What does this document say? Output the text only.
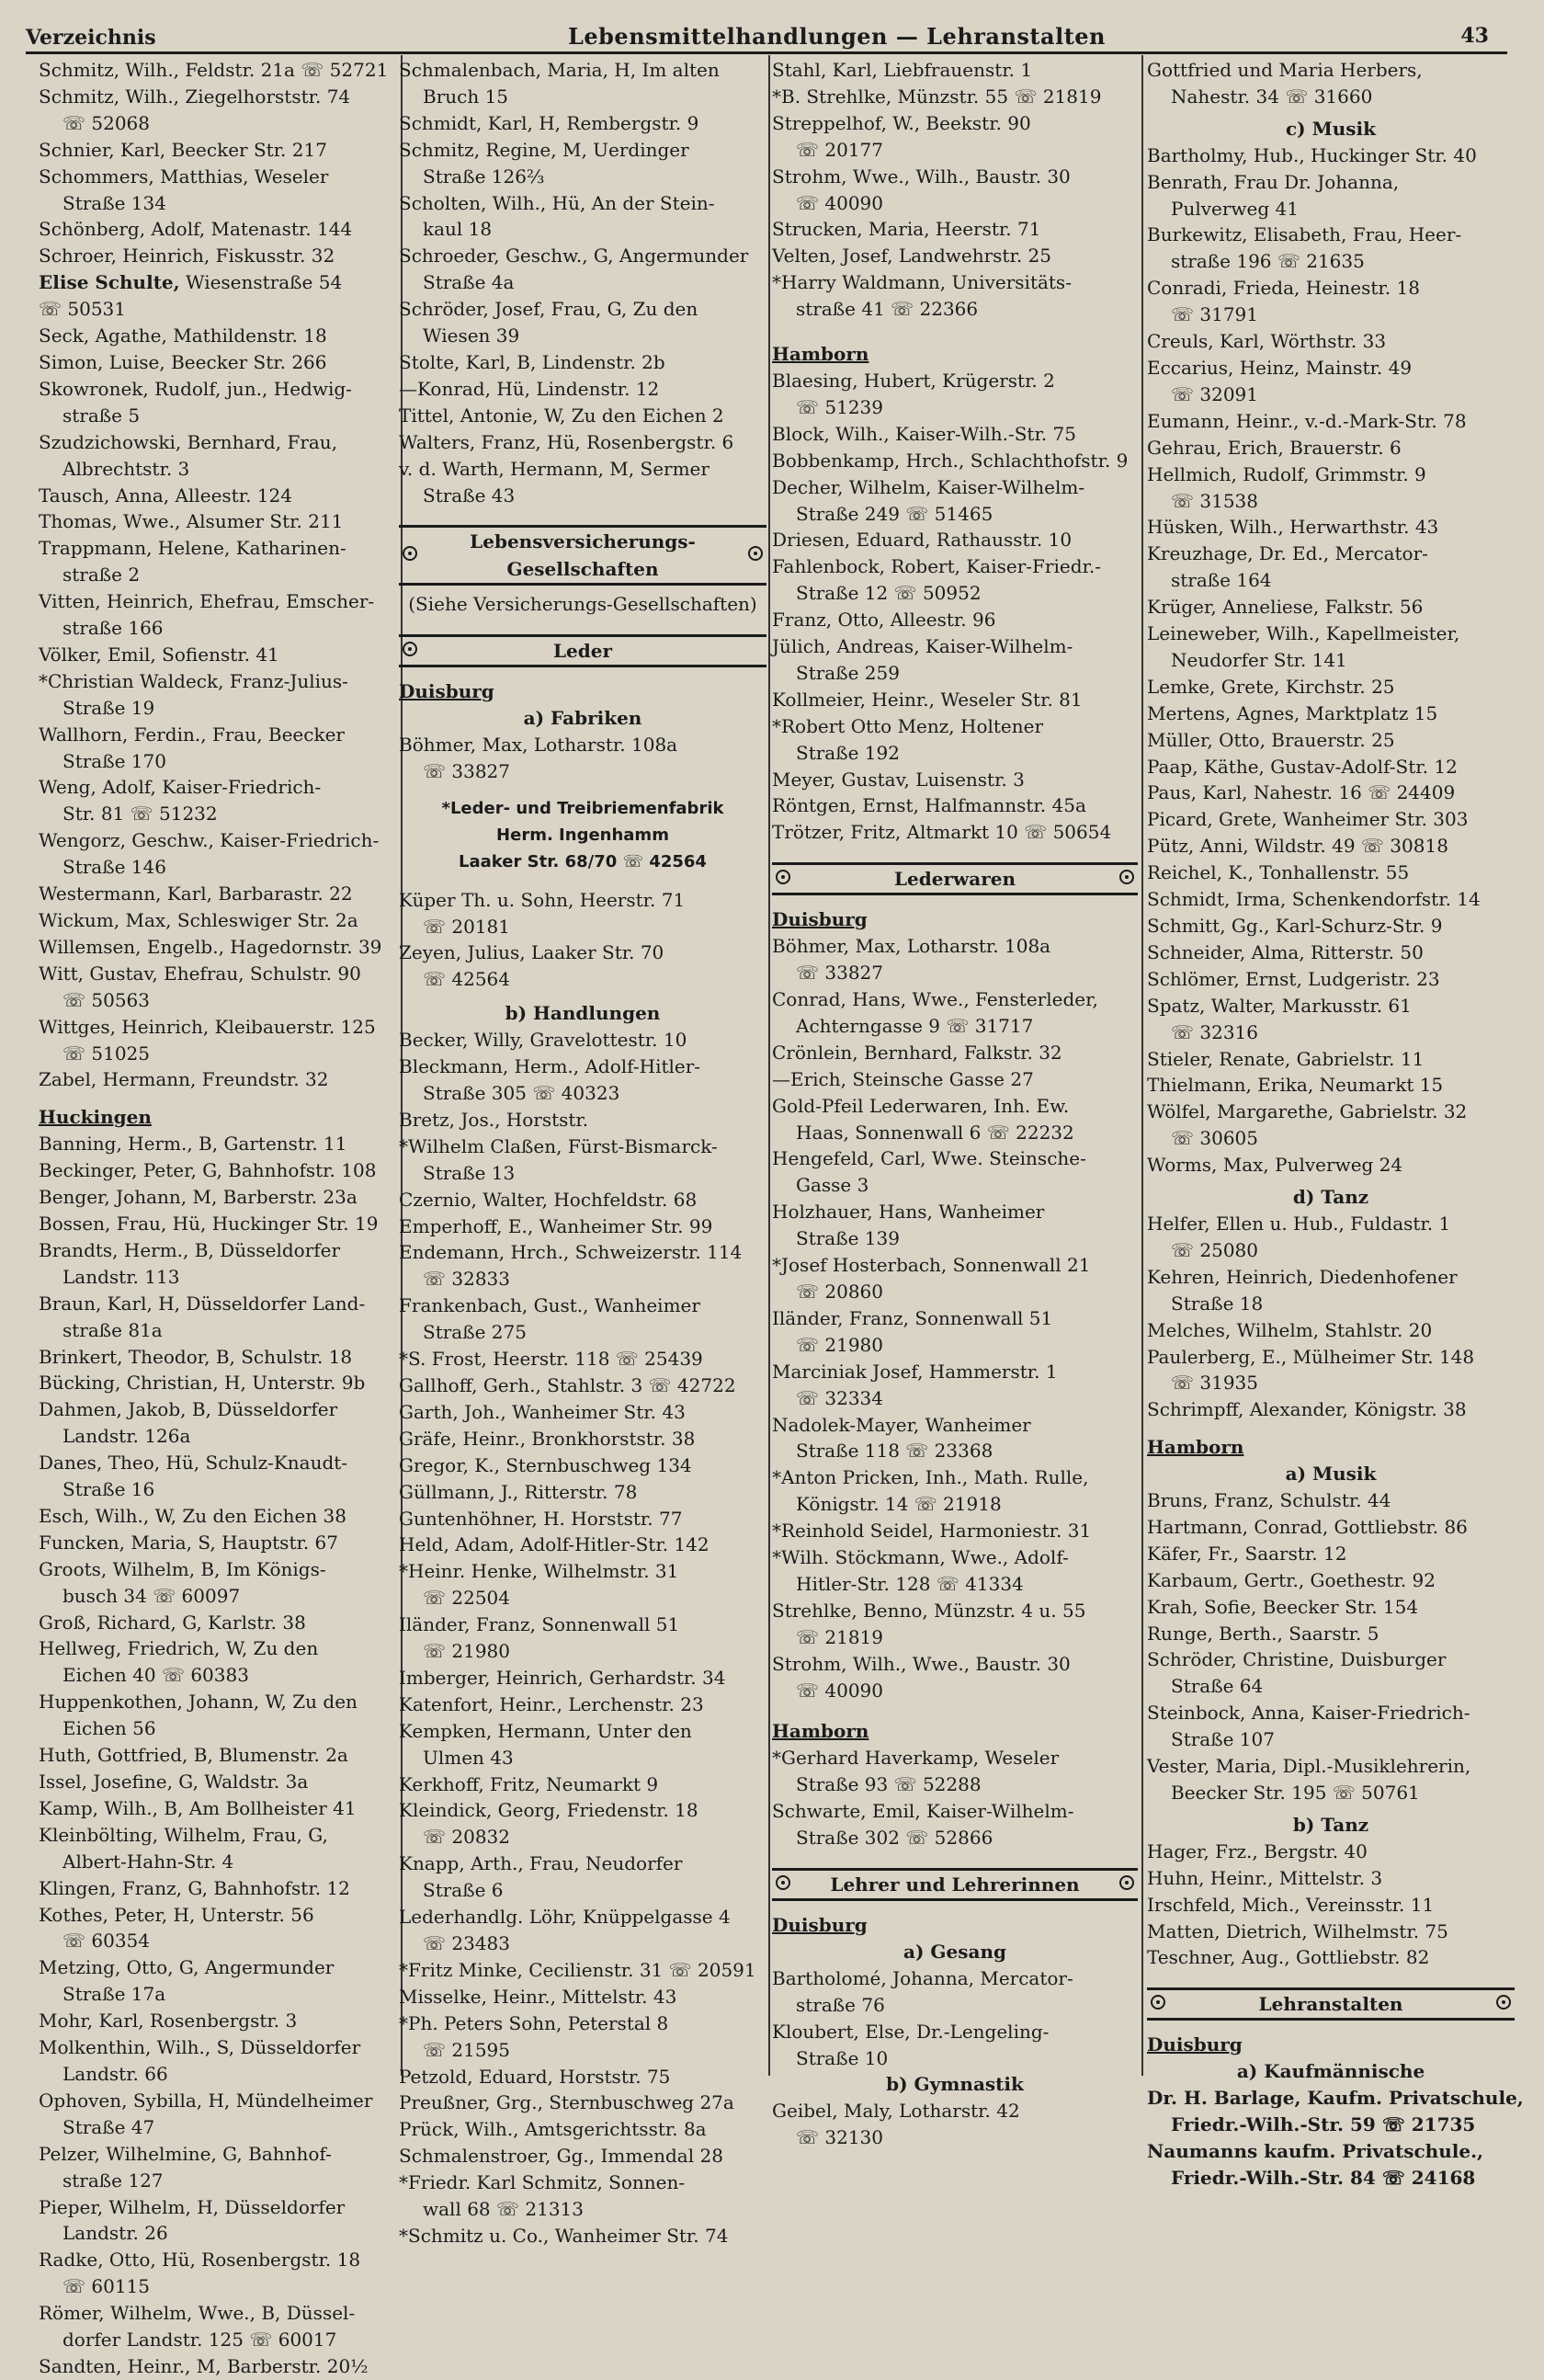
Verzeichnis	Lebensmittelhandlungen — Lehranstalten	43
Schmitz, Wilh., Feldstr. 21a ☏ 52721
Schmitz, Wilh., Ziegelhorststr. 74
☏ 52068
Schnier, Karl, Beecker Str. 217
Schommers, Matthias, Weseler
Straße 134
Schönberg, Adolf, Matenastr. 144
Schroer, Heinrich, Fiskusstr. 32
Elise Schulte, Wiesenstraße 54
☏ 50531
Seck, Agathe, Mathildenstr. 18
Simon, Luise, Beecker Str. 266
Skowronek, Rudolf, jun., Hedwig-
straße 5
Szudzichowski, Bernhard, Frau,
Albrechtstr. 3
Tausch, Anna, Alleestr. 124
Thomas, Wwe., Alsumer Str. 211
Trappmann, Helene, Katharinen-
straße 2
Vitten, Heinrich, Ehefrau, Emscher-
straße 166
Völker, Emil, Sofienstr. 41
*Christian Waldeck, Franz-Julius-
Straße 19
Wallhorn, Ferdin., Frau, Beecker
Straße 170
Weng, Adolf, Kaiser-Friedrich-
Str. 81 ☏ 51232
Wengorz, Geschw., Kaiser-Friedrich-
Straße 146
Westermann, Karl, Barbarastr. 22
Wickum, Max, Schleswiger Str. 2a
Willemsen, Engelb., Hagedornstr. 39
Witt, Gustav, Ehefrau, Schulstr. 90
☏ 50563
Wittges, Heinrich, Kleibauerstr. 125
☏ 51025
Zabel, Hermann, Freundstr. 32
Huckingen
Banning, Herm., B, Gartenstr. 11
Beckinger, Peter, G, Bahnhofstr. 108
Benger, Johann, M, Barberstr. 23a
Bossen, Frau, Hü, Huckinger Str. 19
Brandts, Herm., B, Düsseldorfer
Landstr. 113
Braun, Karl, H, Düsseldorfer Land-
straße 81a
Brinkert, Theodor, B, Schulstr. 18
Bücking, Christian, H, Unterstr. 9b
Dahmen, Jakob, B, Düsseldorfer
Landstr. 126a
Danes, Theo, Hü, Schulz-Knaudt-
Straße 16
Esch, Wilh., W, Zu den Eichen 38
Funcken, Maria, S, Hauptstr. 67
Groots, Wilhelm, B, Im Königs-
busch 34 ☏ 60097
Groß, Richard, G, Karlstr. 38
Hellweg, Friedrich, W, Zu den
Eichen 40 ☏ 60383
Huppenkothen, Johann, W, Zu den
Eichen 56
Huth, Gottfried, B, Blumenstr. 2a
Issel, Josefine, G, Waldstr. 3a
Kamp, Wilh., B, Am Bollheister 41
Kleinbölting, Wilhelm, Frau, G,
Albert-Hahn-Str. 4
Klingen, Franz, G, Bahnhofstr. 12
Kothes, Peter, H, Unterstr. 56
☏ 60354
Metzing, Otto, G, Angermunder
Straße 17a
Mohr, Karl, Rosenbergstr. 3
Molkenthin, Wilh., S, Düsseldorfer
Landstr. 66
Ophoven, Sybilla, H, Mündelheimer
Straße 47
Pelzer, Wilhelmine, G, Bahnhof-
straße 127
Pieper, Wilhelm, H, Düsseldorfer
Landstr. 26
Radke, Otto, Hü, Rosenbergstr. 18
☏ 60115
Römer, Wilhelm, Wwe., B, Düssel-
dorfer Landstr. 125 ☏ 60017
Sandten, Heinr., M, Barberstr. 20½
Schmalenbach, Maria, H, Im alten
Bruch 15
Schmidt, Karl, H, Rembergstr. 9
Schmitz, Regine, M, Uerdinger
Straße 126⅔
Scholten, Wilh., Hü, An der Stein-
kaul 18
Schroeder, Geschw., G, Angermunder
Straße 4a
Schröder, Josef, Frau, G, Zu den
Wiesen 39
Stolte, Karl, B, Lindenstr. 2b
—Konrad, Hü, Lindenstr. 12
Tittel, Antonie, W, Zu den Eichen 2
Walters, Franz, Hü, Rosenbergstr. 6
v. d. Warth, Hermann, M, Sermer
Straße 43
Lebensversicherungs-
Gesellschaften
(Siehe Versicherungs-Gesellschaften)
Leder
Duisburg
a) Fabriken
Böhmer, Max, Lotharstr. 108a
☏ 33827
*Leder- und Treibriemenfabrik
Herm. Ingenhamm
Laaker Str. 68/70 ☏ 42564
Küper Th. u. Sohn, Heerstr. 71
☏ 20181
Zeyen, Julius, Laaker Str. 70
☏ 42564
b) Handlungen
Becker, Willy, Gravelottestr. 10
Bleckmann, Herm., Adolf-Hitler-
Straße 305 ☏ 40323
Bretz, Jos., Horststr.
*Wilhelm Claßen, Fürst-Bismarck-
Straße 13
Czernio, Walter, Hochfeldstr. 68
Emperhoff, E., Wanheimer Str. 99
Endemann, Hrch., Schweizerstr. 114
☏ 32833
Frankenbach, Gust., Wanheimer
Straße 275
*S. Frost, Heerstr. 118 ☏ 25439
Gallhoff, Gerh., Stahlstr. 3 ☏ 42722
Garth, Joh., Wanheimer Str. 43
Gräfe, Heinr., Bronkhorststr. 38
Gregor, K., Sternbuschweg 134
Güllmann, J., Ritterstr. 78
Guntenhöhner, H. Horststr. 77
Held, Adam, Adolf-Hitler-Str. 142
*Heinr. Henke, Wilhelmstr. 31
☏ 22504
Iländer, Franz, Sonnenwall 51
☏ 21980
Imberger, Heinrich, Gerhardstr. 34
Katenfort, Heinr., Lerchenstr. 23
Kempken, Hermann, Unter den
Ulmen 43
Kerkhoff, Fritz, Neumarkt 9
Kleindick, Georg, Friedenstr. 18
☏ 20832
Knapp, Arth., Frau, Neudorfer
Straße 6
Lederhandlg. Löhr, Knüppelgasse 4
☏ 23483
*Fritz Minke, Cecilienstr. 31 ☏ 20591
Misselke, Heinr., Mittelstr. 43
*Ph. Peters Sohn, Peterstal 8
☏ 21595
Petzold, Eduard, Horststr. 75
Preußner, Grg., Sternbuschweg 27a
Prück, Wilh., Amtsgerichtsstr. 8a
Schmalenstroer, Gg., Immendal 28
*Friedr. Karl Schmitz, Sonnen-
wall 68 ☏ 21313
*Schmitz u. Co., Wanheimer Str. 74
Stahl, Karl, Liebfrauenstr. 1
*B. Strehlke, Münzstr. 55 ☏ 21819
Streppelhof, W., Beekstr. 90
☏ 20177
Strohm, Wwe., Wilh., Baustr. 30
☏ 40090
Strucken, Maria, Heerstr. 71
Velten, Josef, Landwehrstr. 25
*Harry Waldmann, Universitäts-
straße 41 ☏ 22366
Hamborn
Blaesing, Hubert, Krügerstr. 2
☏ 51239
Block, Wilh., Kaiser-Wilh.-Str. 75
Bobbenkamp, Hrch., Schlachthofstr. 9
Decher, Wilhelm, Kaiser-Wilhelm-
Straße 249 ☏ 51465
Driesen, Eduard, Rathausstr. 10
Fahlenbock, Robert, Kaiser-Friedr.-
Straße 12 ☏ 50952
Franz, Otto, Alleestr. 96
Jülich, Andreas, Kaiser-Wilhelm-
Straße 259
Kollmeier, Heinr., Weseler Str. 81
*Robert Otto Menz, Holtener
Straße 192
Meyer, Gustav, Luisenstr. 3
Röntgen, Ernst, Halfmannstr. 45a
Trötzer, Fritz, Altmarkt 10 ☏ 50654
Lederwaren
Duisburg
Böhmer, Max, Lotharstr. 108a
☏ 33827
Conrad, Hans, Wwe., Fensterleder,
Achterngasse 9 ☏ 31717
Crönlein, Bernhard, Falkstr. 32
—Erich, Steinsche Gasse 27
Gold-Pfeil Lederwaren, Inh. Ew.
Haas, Sonnenwall 6 ☏ 22232
Hengefeld, Carl, Wwe. Steinsche-
Gasse 3
Holzhauer, Hans, Wanheimer
Straße 139
*Josef Hosterbach, Sonnenwall 21
☏ 20860
Iländer, Franz, Sonnenwall 51
☏ 21980
Marciniak Josef, Hammerstr. 1
☏ 32334
Nadolek-Mayer, Wanheimer
Straße 118 ☏ 23368
*Anton Pricken, Inh., Math. Rulle,
Königstr. 14 ☏ 21918
*Reinhold Seidel, Harmoniestr. 31
*Wilh. Stöckmann, Wwe., Adolf-
Hitler-Str. 128 ☏ 41334
Strehlke, Benno, Münzstr. 4 u. 55
☏ 21819
Strohm, Wilh., Wwe., Baustr. 30
☏ 40090
Hamborn
*Gerhard Haverkamp, Weseler
Straße 93 ☏ 52288
Schwarte, Emil, Kaiser-Wilhelm-
Straße 302 ☏ 52866
Lehrer und Lehrerinnen
Duisburg
a) Gesang
Bartholomé, Johanna, Mercator-
straße 76
Kloubert, Else, Dr.-Lengeling-
Straße 10
b) Gymnastik
Geibel, Maly, Lotharstr. 42
☏ 32130
Gottfried und Maria Herbers,
Nahestr. 34 ☏ 31660
c) Musik
Bartholmy, Hub., Huckinger Str. 40
Benrath, Frau Dr. Johanna,
Pulverweg 41
Burkewitz, Elisabeth, Frau, Heer-
straße 196 ☏ 21635
Conradi, Frieda, Heinestr. 18
☏ 31791
Creuls, Karl, Wörthstr. 33
Eccarius, Heinz, Mainstr. 49
☏ 32091
Eumann, Heinr., v.-d.-Mark-Str. 78
Gehrau, Erich, Brauerstr. 6
Hellmich, Rudolf, Grimmstr. 9
☏ 31538
Hüsken, Wilh., Herwarthstr. 43
Kreuzhage, Dr. Ed., Mercator-
straße 164
Krüger, Anneliese, Falkstr. 56
Leineweber, Wilh., Kapellmeister,
Neudorfer Str. 141
Lemke, Grete, Kirchstr. 25
Mertens, Agnes, Marktplatz 15
Müller, Otto, Brauerstr. 25
Paap, Käthe, Gustav-Adolf-Str. 12
Paus, Karl, Nahestr. 16 ☏ 24409
Picard, Grete, Wanheimer Str. 303
Pütz, Anni, Wildstr. 49 ☏ 30818
Reichel, K., Tonhallenstr. 55
Schmidt, Irma, Schenkendorfstr. 14
Schmitt, Gg., Karl-Schurz-Str. 9
Schneider, Alma, Ritterstr. 50
Schlömer, Ernst, Ludgeristr. 23
Spatz, Walter, Markusstr. 61
☏ 32316
Stieler, Renate, Gabrielstr. 11
Thielmann, Erika, Neumarkt 15
Wölfel, Margarethe, Gabrielstr. 32
☏ 30605
Worms, Max, Pulverweg 24
d) Tanz
Helfer, Ellen u. Hub., Fuldastr. 1
☏ 25080
Kehren, Heinrich, Diedenhofener
Straße 18
Melches, Wilhelm, Stahlstr. 20
Paulerberg, E., Mülheimer Str. 148
☏ 31935
Schrimpff, Alexander, Königstr. 38
Hamborn
a) Musik
Bruns, Franz, Schulstr. 44
Hartmann, Conrad, Gottliebstr. 86
Käfer, Fr., Saarstr. 12
Karbaum, Gertr., Goethestr. 92
Krah, Sofie, Beecker Str. 154
Runge, Berth., Saarstr. 5
Schröder, Christine, Duisburger
Straße 64
Steinbock, Anna, Kaiser-Friedrich-
Straße 107
Vester, Maria, Dipl.-Musiklehrerin,
Beecker Str. 195 ☏ 50761
b) Tanz
Hager, Frz., Bergstr. 40
Huhn, Heinr., Mittelstr. 3
Irschfeld, Mich., Vereinsstr. 11
Matten, Dietrich, Wilhelmstr. 75
Teschner, Aug., Gottliebstr. 82
Lehranstalten
Duisburg
a) Kaufmännische
Dr. H. Barlage, Kaufm. Privatschule,
Friedr.-Wilh.-Str. 59 ☏ 21735
Naumanns kaufm. Privatschule.,
Friedr.-Wilh.-Str. 84 ☏ 24168
